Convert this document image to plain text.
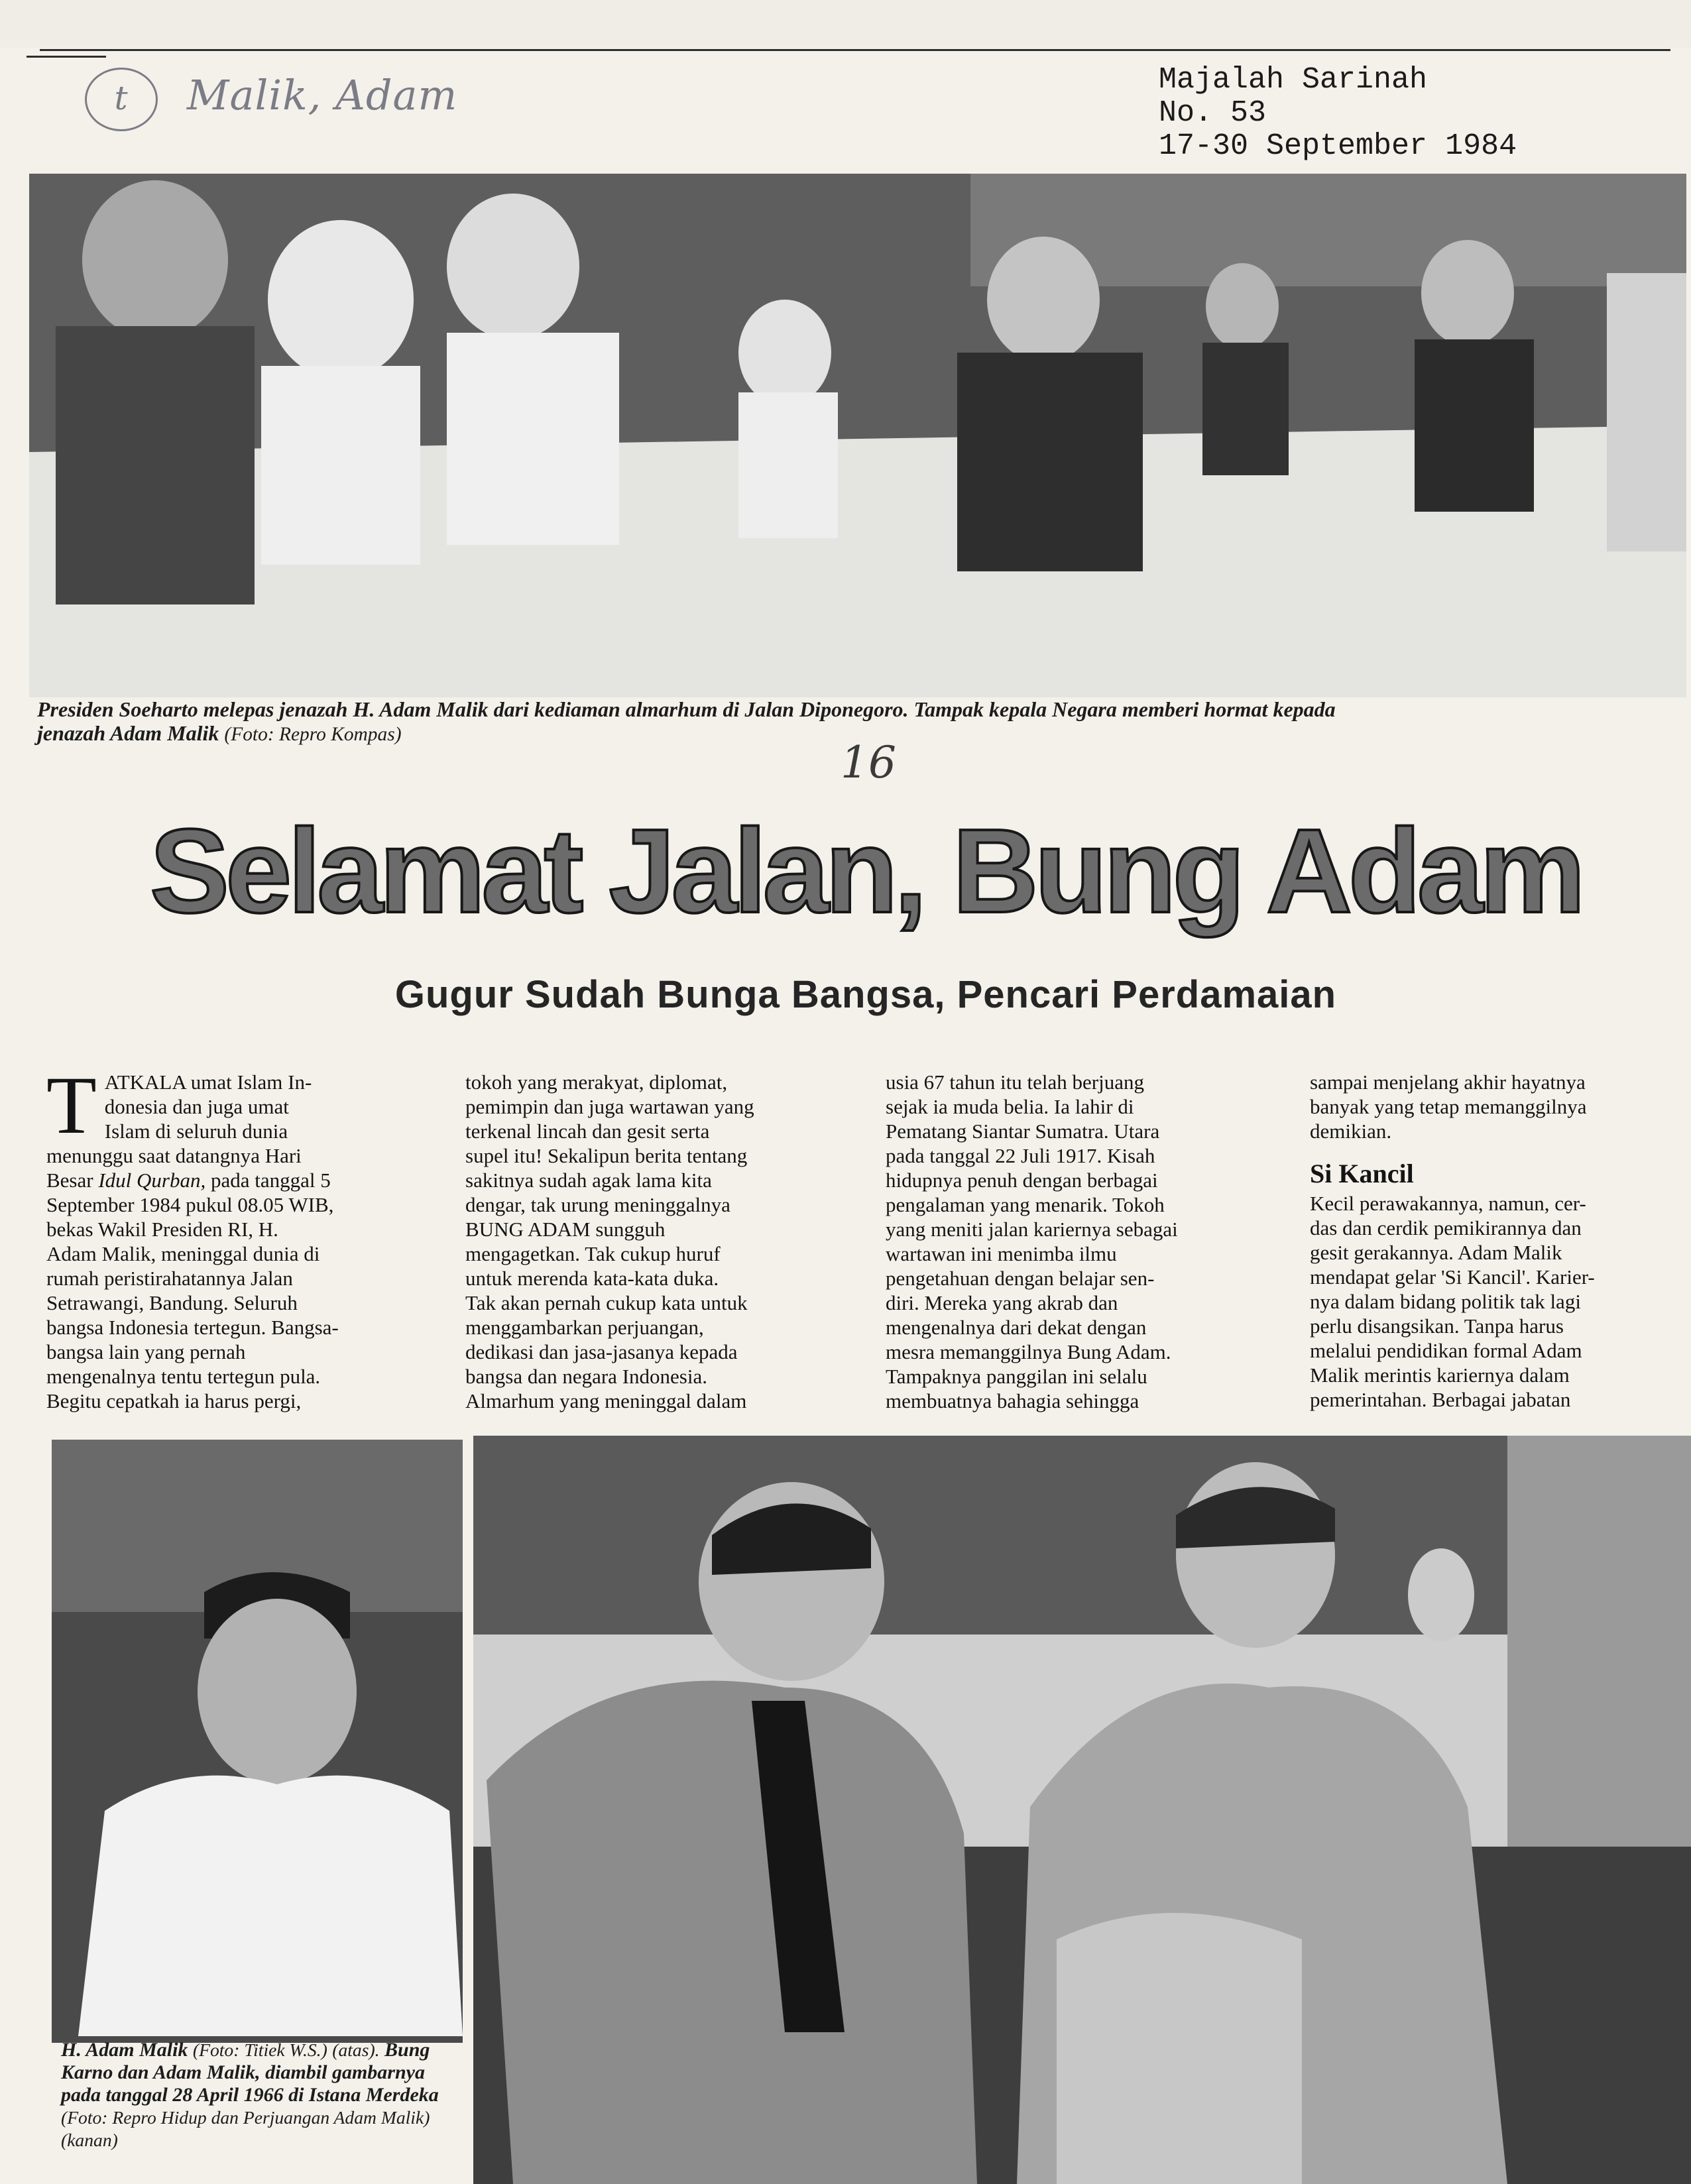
t Malik, Adam	Majalah Sarinah
No. 53
17-30 September 1984
Presiden Soeharto melepas jenazah H. Adam Malik dari kediaman almarhum di Jalan Diponegoro. Tampak kepala Negara memberi hormat kepada
jenazah Adam Malik (Foto: Repro Kompas)
16
Selamat Jalan, Bung Adam
Gugur Sudah Bunga Bangsa, Pencari Perdamaian
T ATKALA umat Islam In-
donesia dan juga umat
Islam di seluruh dunia
menunggu saat datangnya Hari
Besar Idul Qurban, pada tanggal 5
September 1984 pukul 08.05 WIB,
bekas Wakil Presiden RI, H.
Adam Malik, meninggal dunia di
rumah peristirahatannya Jalan
Setrawangi, Bandung. Seluruh
bangsa Indonesia tertegun. Bangsa-
bangsa lain yang pernah
mengenalnya tentu tertegun pula.
Begitu cepatkah ia harus pergi,
tokoh yang merakyat, diplomat,
pemimpin dan juga wartawan yang
terkenal lincah dan gesit serta
supel itu! Sekalipun berita tentang
sakitnya sudah agak lama kita
dengar, tak urung meninggalnya
BUNG ADAM sungguh
mengagetkan. Tak cukup huruf
untuk merenda kata-kata duka.
Tak akan pernah cukup kata untuk
menggambarkan perjuangan,
dedikasi dan jasa-jasanya kepada
bangsa dan negara Indonesia.
Almarhum yang meninggal dalam
usia 67 tahun itu telah berjuang
sejak ia muda belia. Ia lahir di
Pematang Siantar Sumatra. Utara
pada tanggal 22 Juli 1917. Kisah
hidupnya penuh dengan berbagai
pengalaman yang menarik. Tokoh
yang meniti jalan kariernya sebagai
wartawan ini menimba ilmu
pengetahuan dengan belajar sen-
diri. Mereka yang akrab dan
mengenalnya dari dekat dengan
mesra memanggilnya Bung Adam.
Tampaknya panggilan ini selalu
membuatnya bahagia sehingga
sampai menjelang akhir hayatnya
banyak yang tetap memanggilnya
demikian.
Si Kancil
Kecil perawakannya, namun, cer-
das dan cerdik pemikirannya dan
gesit gerakannya. Adam Malik
mendapat gelar 'Si Kancil'. Karier-
nya dalam bidang politik tak lagi
perlu disangsikan. Tanpa harus
melalui pendidikan formal Adam
Malik merintis kariernya dalam
pemerintahan. Berbagai jabatan
H. Adam Malik (Foto: Titiek W.S.) (atas). Bung Karno dan Adam Malik, diambil gambarnya pada tanggal 28 April 1966 di Istana Merdeka (Foto: Repro Hidup dan Perjuangan Adam Malik) (kanan)
